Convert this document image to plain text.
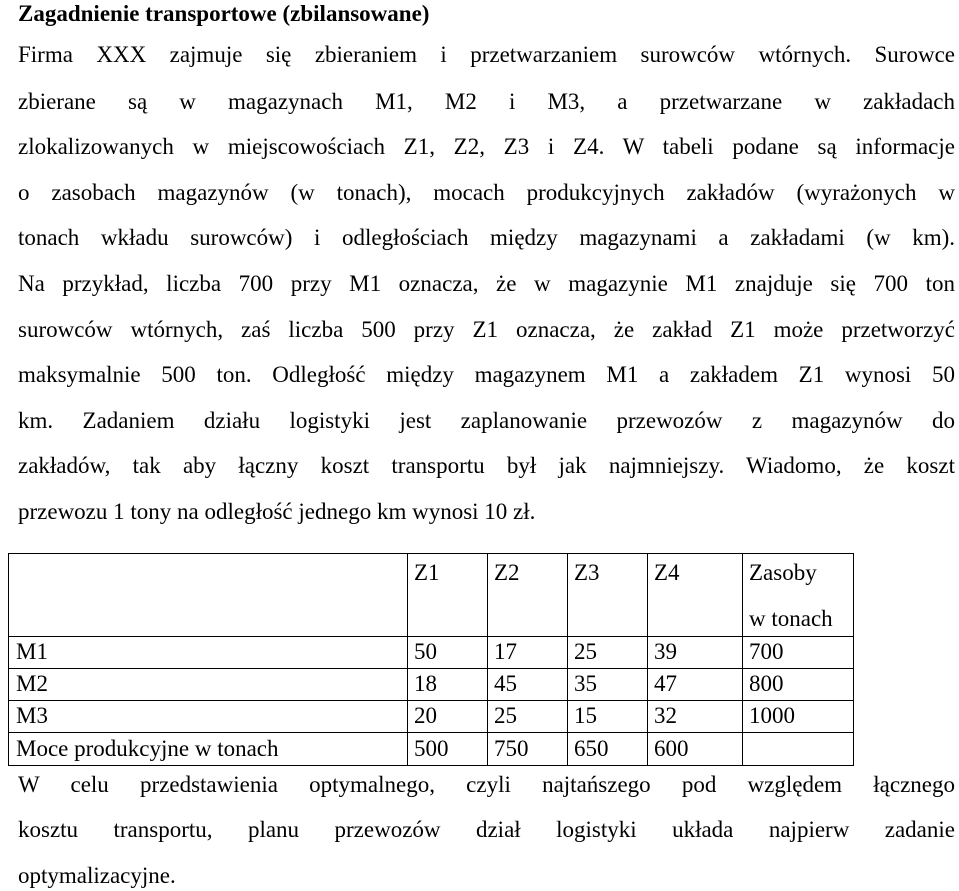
Zagadnienie transportowe (zbilansowane)
Firma XXX zajmuje się zbieraniem i przetwarzaniem surowców wtórnych. Surowce
zbierane są w magazynach M1, M2 i M3, a przetwarzane w zakładach
zlokalizowanych w miejscowościach Z1, Z2, Z3 i Z4. W tabeli podane są informacje
o zasobach magazynów (w tonach), mocach produkcyjnych zakładów (wyrażonych w
tonach wkładu surowców) i odległościach między magazynami a zakładami (w km).
Na przykład, liczba 700 przy M1 oznacza, że w magazynie M1 znajduje się 700 ton
surowców wtórnych, zaś liczba 500 przy Z1 oznacza, że zakład Z1 może przetworzyć
maksymalnie 500 ton. Odległość między magazynem M1 a zakładem Z1 wynosi 50
km. Zadaniem działu logistyki jest zaplanowanie przewozów z magazynów do
zakładów, tak aby łączny koszt transportu był jak najmniejszy. Wiadomo, że koszt
przewozu 1 tony na odległość jednego km wynosi 10 zł.
Z1 Z2 Z3 Z4	Zasoby
w tonach
M1	50 17 25 39	700
M2	18 45 35 47	800
M3	20 25 15 32	1000
Moce produkcyjne w tonach	500 750 650 600
W celu przedstawienia optymalnego, czyli najtańszego pod względem łącznego
kosztu transportu, planu przewozów dział logistyki układa najpierw zadanie
optymalizacyjne.
